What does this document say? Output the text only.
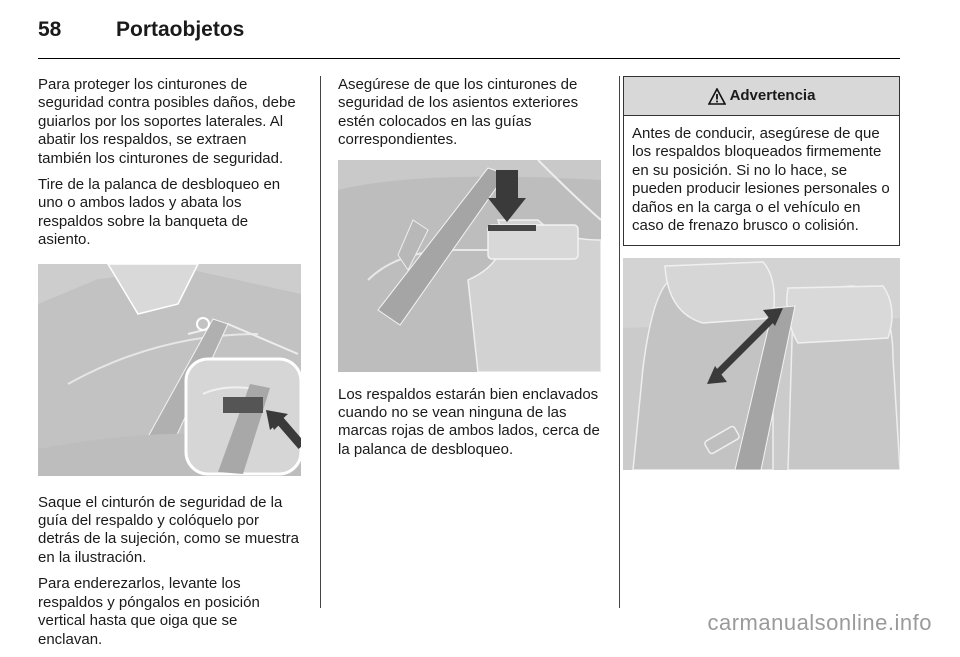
58	Portaobjetos

Para proteger los cinturones de seguridad contra posibles daños, debe guiarlos por los soportes laterales. Al abatir los respaldos, se extraen también los cinturones de seguridad.

Tire de la palanca de desbloqueo en uno o ambos lados y abata los respaldos sobre la banqueta de asiento.

Saque el cinturón de seguridad de la guía del respaldo y colóquelo por detrás de la sujeción, como se muestra en la ilustración.

Para enderezarlos, levante los respaldos y póngalos en posición vertical hasta que oiga que se enclavan.

Asegúrese de que los cinturones de seguridad de los asientos exteriores estén colocados en las guías correspondientes.

Los respaldos estarán bien enclavados cuando no se vean ninguna de las marcas rojas de ambos lados, cerca de la palanca de desbloqueo.

Advertencia
Antes de conducir, asegúrese de que los respaldos bloqueados firmemente en su posición. Si no lo hace, se pueden producir lesiones personales o daños en la carga o el vehículo en caso de frenazo brusco o colisión.
carmanualsonline.info
